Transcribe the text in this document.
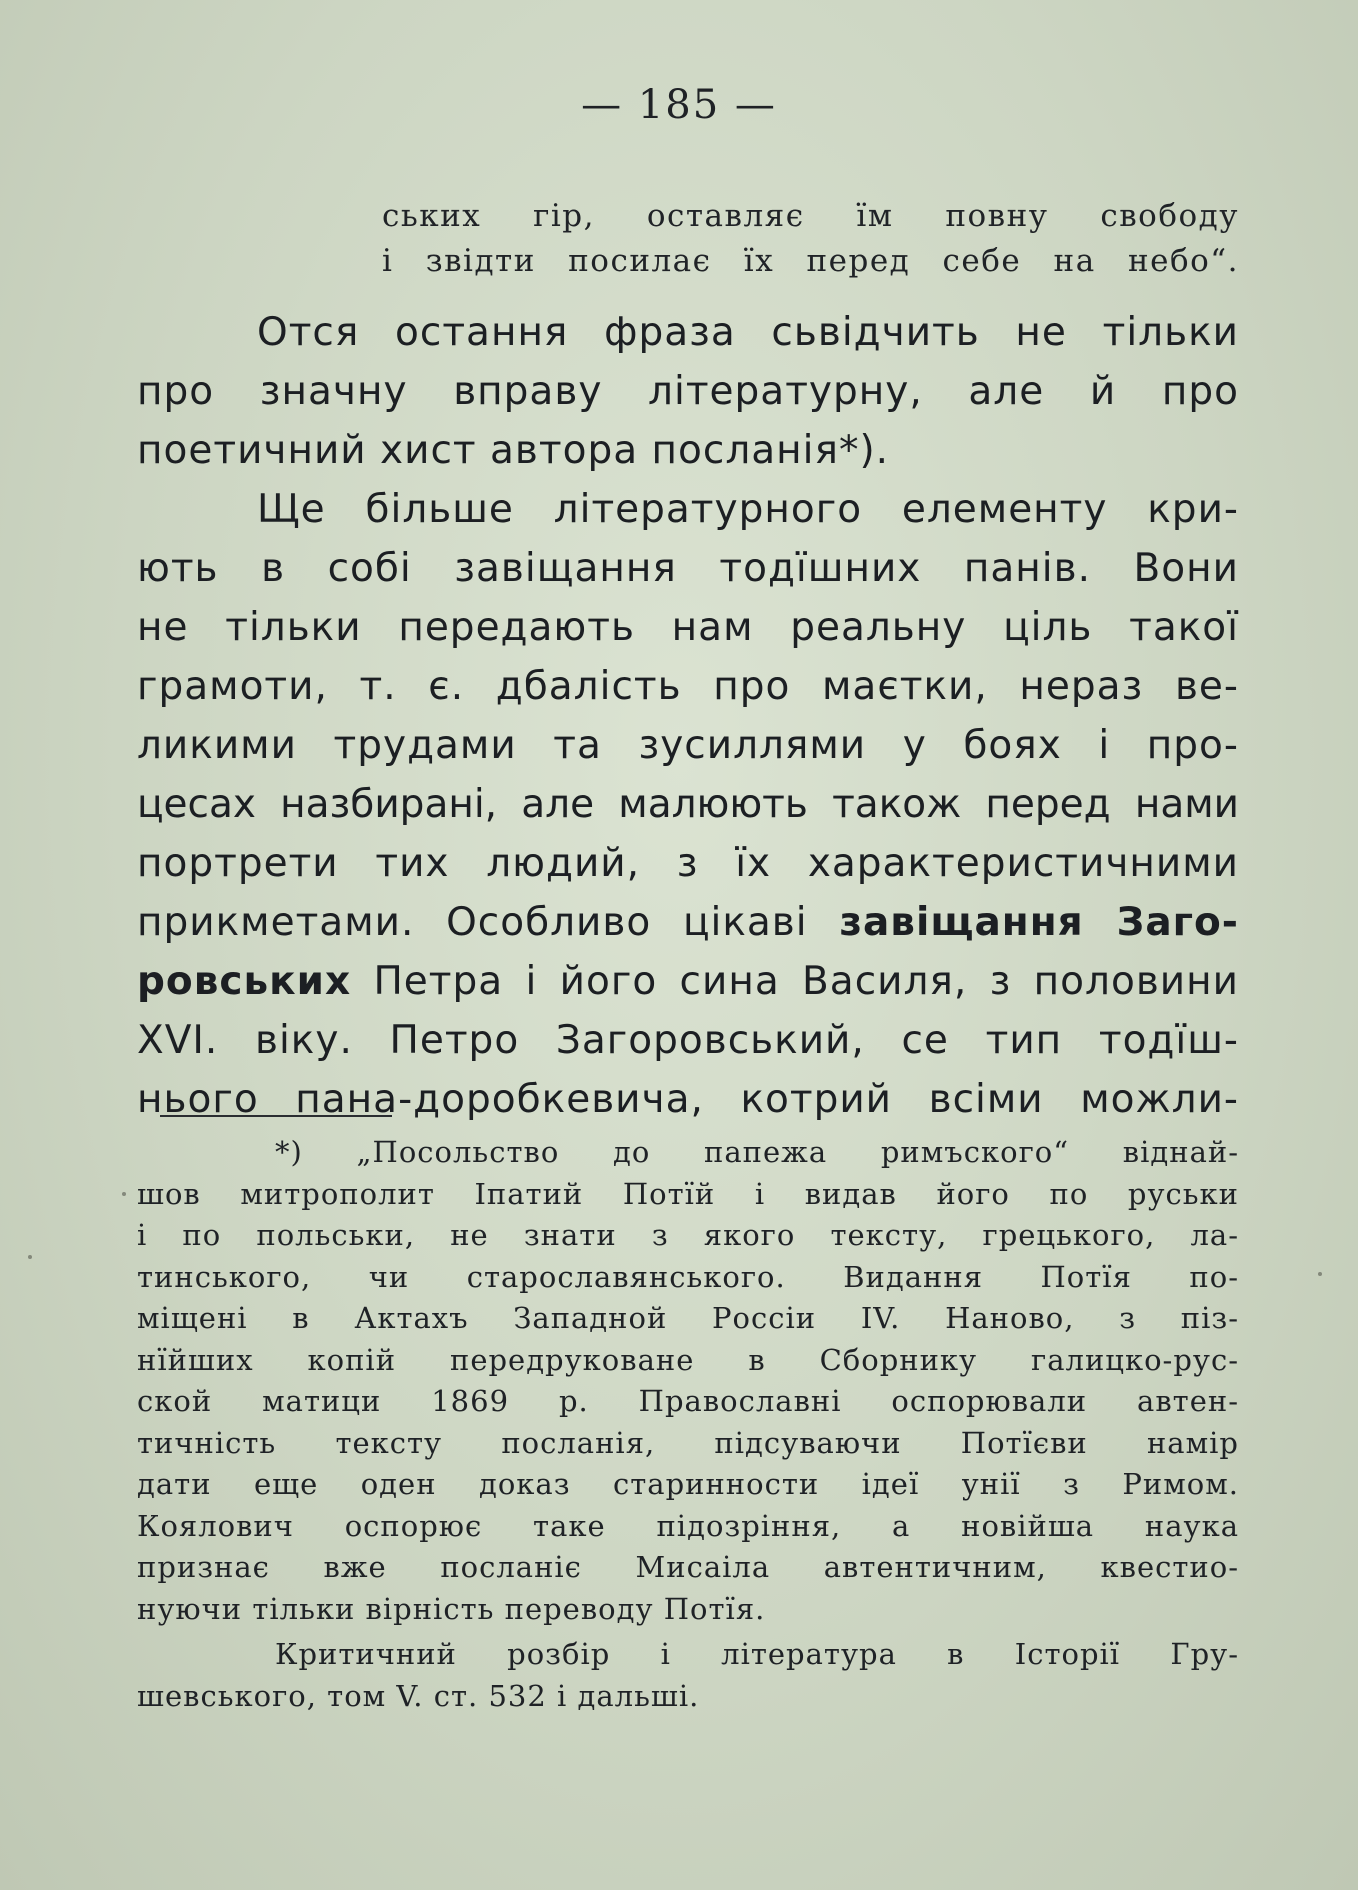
— 185 —
ських гір, оставляє їм повну свободу
і звідти посилає їх перед себе на небо“.
Отся остання фраза сьвідчить не тільки
про значну вправу літературну, але й про
поетичний хист автора посланія*).
Ще більше літературного елементу кри-
ють в собі завіщання тодїшних панів. Вони
не тільки передають нам реальну ціль такої
грамоти, т. є. дбалість про маєтки, нераз ве-
ликими трудами та зусиллями у боях і про-
цесах назбирані, але малюють також перед нами
портрети тих людий, з їх характеристичними
прикметами. Особливо цікаві завіщання Заго-
ровських Петра і його сина Василя, з половини
XVI. віку. Петро Загоровський, се тип тодїш-
нього пана-доробкевича, котрий всіми можли-
*) „Посольство до папежа римъского“ віднай-
шов митрополит Іпатий Потїй і видав його по руськи
і по польськи, не знати з якого тексту, грецького, ла-
тинського, чи старославянського. Видання Потїя по-
міщені в Актахъ Западной Россіи IV. Наново, з піз-
нїйших копій передруковане в Сборнику галицко-рус-
ской матици 1869 р. Православні оспорювали автен-
тичність тексту посланія, підсуваючи Потїєви намір
дати еще оден доказ старинности ідеї унії з Римом.
Коялович оспорює таке підозріння, а новійша наука
признає вже посланіє Мисаіла автентичним, квестио-
нуючи тільки вірність переводу Потїя.
Критичний розбір і література в Історії Гру-
шевського, том V. ст. 532 і дальші.
